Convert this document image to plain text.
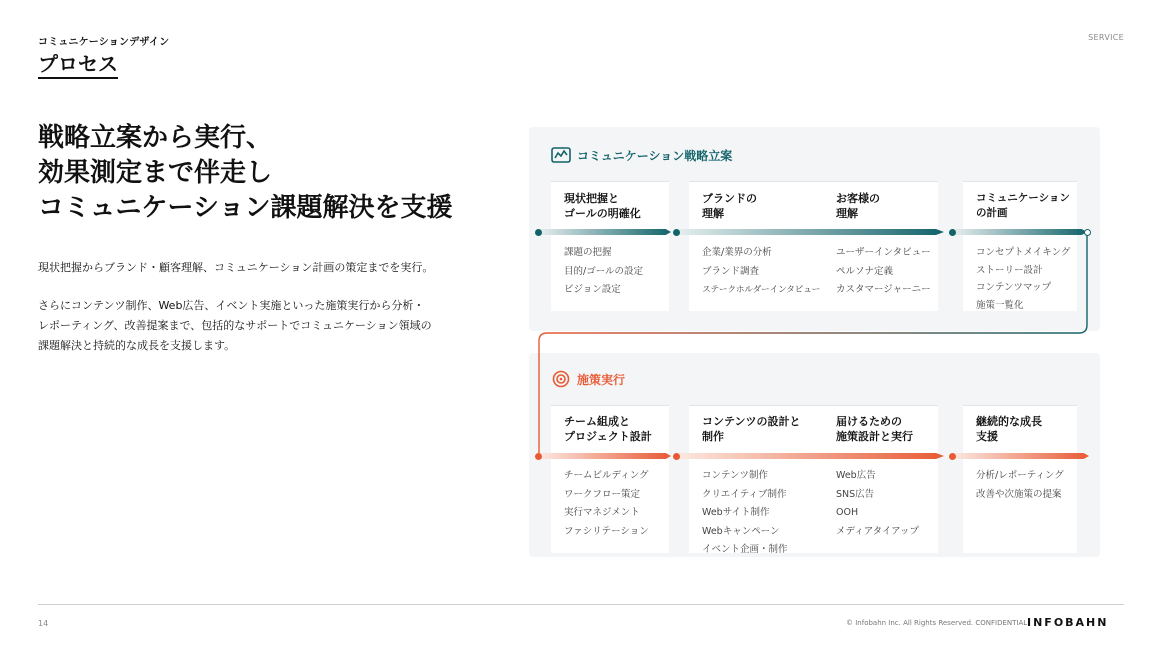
コミュニケーションデザイン
プロセス
SERVICE
戦略立案から実行、
効果測定まで伴走し
コミュニケーション課題解決を支援

現状把握からブランド・顧客理解、コミュニケーション計画の策定までを実行。

さらにコンテンツ制作、Web広告、イベント実施といった施策実行から分析・

レポーティング、改善提案まで、包括的なサポートでコミュニケーション領域の

課題解決と持続的な成長を支援します。

コミュニケーション戦略立案
施策実行
現状把握と
ゴールの明確化
課題の把握
目的/ゴールの設定
ビジョン設定
ブランドの
理解
企業/業界の分析
ブランド調査
ステークホルダーインタビュー
お客様の
理解
ユーザーインタビュー
ペルソナ定義
カスタマージャーニー
コミュニケーション
の計画
コンセプトメイキング
ストーリー設計
コンテンツマップ
施策一覧化
チーム組成と
プロジェクト設計
チームビルディング
ワークフロー策定
実行マネジメント
ファシリテーション
コンテンツの設計と
制作
コンテンツ制作
クリエイティブ制作
Webサイト制作
Webキャンペーン
イベント企画・制作
届けるための
施策設計と実行
Web広告
SNS広告
OOH
メディアタイアップ
継続的な成長
支援
分析/レポーティング
改善や次施策の提案
14	© Infobahn Inc. All Rights Reserved. CONFIDENTIAL INFOBAHN
